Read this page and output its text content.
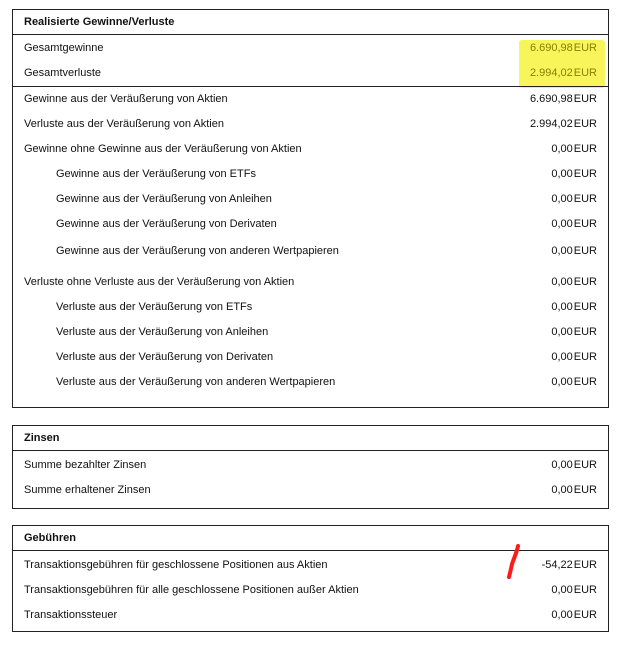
Realisierte Gewinne/Verluste
Gesamtgewinne	6.690,98EUR
Gesamtverluste	2.994,02EUR
Gewinne aus der Veräußerung von Aktien	6.690,98EUR
Verluste aus der Veräußerung von Aktien	2.994,02EUR
Gewinne ohne Gewinne aus der Veräußerung von Aktien	0,00EUR
Gewinne aus der Veräußerung von ETFs	0,00EUR
Gewinne aus der Veräußerung von Anleihen	0,00EUR
Gewinne aus der Veräußerung von Derivaten	0,00EUR
Gewinne aus der Veräußerung von anderen Wertpapieren	0,00EUR
Verluste ohne Verluste aus der Veräußerung von Aktien	0,00EUR
Verluste aus der Veräußerung von ETFs	0,00EUR
Verluste aus der Veräußerung von Anleihen	0,00EUR
Verluste aus der Veräußerung von Derivaten	0,00EUR
Verluste aus der Veräußerung von anderen Wertpapieren	0,00EUR
Zinsen
Summe bezahlter Zinsen	0,00EUR
Summe erhaltener Zinsen	0,00EUR
Gebühren
Transaktionsgebühren für geschlossene Positionen aus Aktien	-54,22EUR
Transaktionsgebühren für alle geschlossene Positionen außer Aktien	0,00EUR
Transaktionssteuer	0,00EUR
